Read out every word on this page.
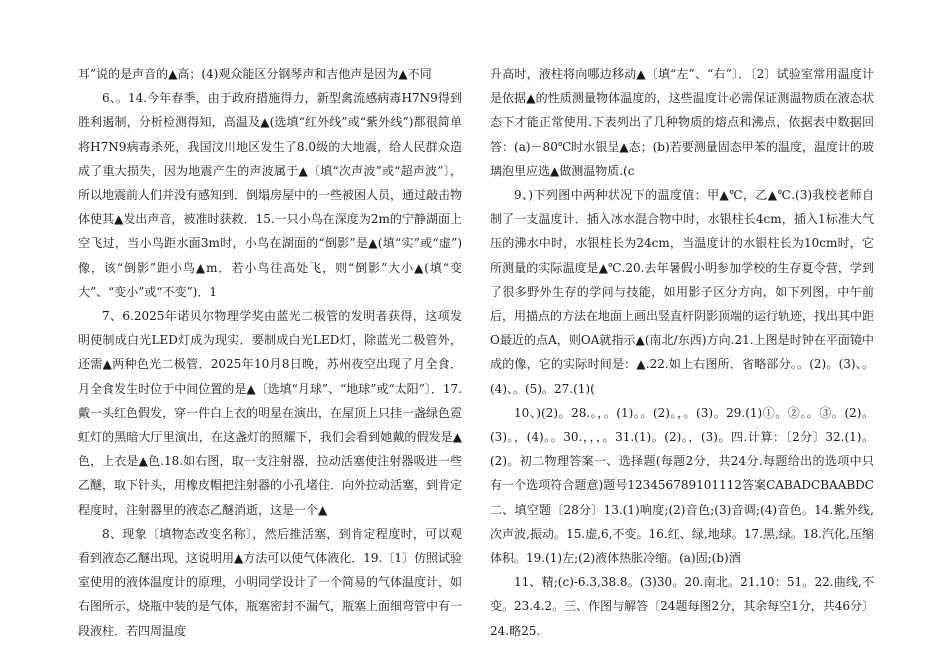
耳”说的是声音的▲高；(4)观众能区分钢琴声和吉他声是因为▲不同

6、。14.今年春季，由于政府措施得力，新型禽流感病毒H7N9得到胜利遏制，分析检测得知，高温及▲(选填“红外线”或“紫外线”)都很简单将H7N9病毒杀死，我国汶川地区发生了8.0级的大地震，给人民群众造成了重大损失，因为地震产生的声波属于▲〔填“次声波”或“超声波”〕，所以地震前人们并没有感知到．倒塌房屋中的一些被困人员，通过敲击物体使其▲发出声音，被准时获救．15.一只小鸟在深度为2m的宁静湖面上空飞过，当小鸟距水面3m时，小鸟在湖面的“倒影”是▲(填“实”或“虚”)像，该“倒影”距小鸟▲m．若小鸟往高处飞，则“倒影”大小▲(填“变大”、“变小”或“不变”)．1

7、6.2025年诺贝尔物理学奖由蓝光二极管的发明者获得，这项发明使制成白光LED灯成为现实．要制成白光LED灯，除蓝光二极管外，还需▲两种色光二极管．2025年10月8日晚，苏州夜空出现了月全食．月全食发生时位于中间位置的是▲〔选填“月球”、“地球”或“太阳”〕．17.戴一头红色假发，穿一件白上衣的明星在演出，在屋顶上只挂一盏绿色霓虹灯的黑暗大厅里演出，在这盏灯的照耀下，我们会看到她戴的假发是▲色，上衣是▲色.18.如右图，取一支注射器，拉动活塞使注射器吸进一些乙醚，取下针头，用橡皮帽把注射器的小孔堵住．向外拉动活塞，到肯定程度时，注射器里的液态乙醚消逝，这是一个▲

8、现象〔填物态改变名称〕，然后推活塞，到肯定程度时，可以观看到液态乙醚出现，这说明用▲方法可以使气体液化．19.〔1〕仿照试验室使用的液体温度计的原理，小明同学设计了一个简易的气体温度计，如右图所示，烧瓶中装的是气体，瓶塞密封不漏气，瓶塞上面细弯管中有一段液柱．若四周温度

升高时，液柱将向哪边移动▲〔填“左”、“右”〕．〔2〕试验室常用温度计是依据▲的性质测量物体温度的，这些温度计必需保证测温物质在液态状态下才能正常使用.下表列出了几种物质的熔点和沸点，依据表中数据回答：(a)－80℃时水银呈▲态；(b)若要测量固态甲苯的温度，温度计的玻璃泡里应选▲做测温物质.(c

9、)下列图中两种状况下的温度值：甲▲℃，乙▲℃.(3)我校老师自制了一支温度计．插入冰水混合物中时，水银柱长4cm，插入1标准大气压的沸水中时，水银柱长为24cm，当温度计的水银柱长为10cm时，它所测量的实际温度是▲℃.20.去年暑假小明参加学校的生存夏令营，学到了很多野外生存的学问与技能，如用影子区分方向，如下列图，中午前后，用描点的方法在地面上画出竖直杆阴影顶端的运行轨迹，找出其中距O最近的点A，则OA就指示▲(南北/东西)方向.21.上图是时钟在平面镜中成的像，它的实际时间是：▲.22.如上右图所．省略部分。。(2)。(3)、。(4)、。(5)。27.(1)(

10、)(2)。28.。，。(1)。。(2)。，。(3)。29.(1)①。②。。③。(2)。(3)。，(4)。。30.，，，。31.(1)。(2)。，(3)。四.计算：〔2分〕32.(1)。(2)。初二物理答案一、选择题(每题2分，共24分.每题给出的选项中只有一个选项符合题意)题号123456789101112答案CABADCBAABDC二、填空题〔28分〕13.(1)响度;(2)音色;(3)音调;(4)音色。14.紫外线,次声波,振动。15.虚,6,不变。16.红、绿,地球。17.黑,绿。18.汽化,压缩体积。19.(1)左;(2)液体热胀冷缩。(a)固;(b)酒

11、精;(c)-6.3,38.8。(3)30。20.南北。21.10：51。22.曲线,不变。23.4.2。三、作图与解答〔24题每图2分，其余每空1分，共46分〕24.略25.
